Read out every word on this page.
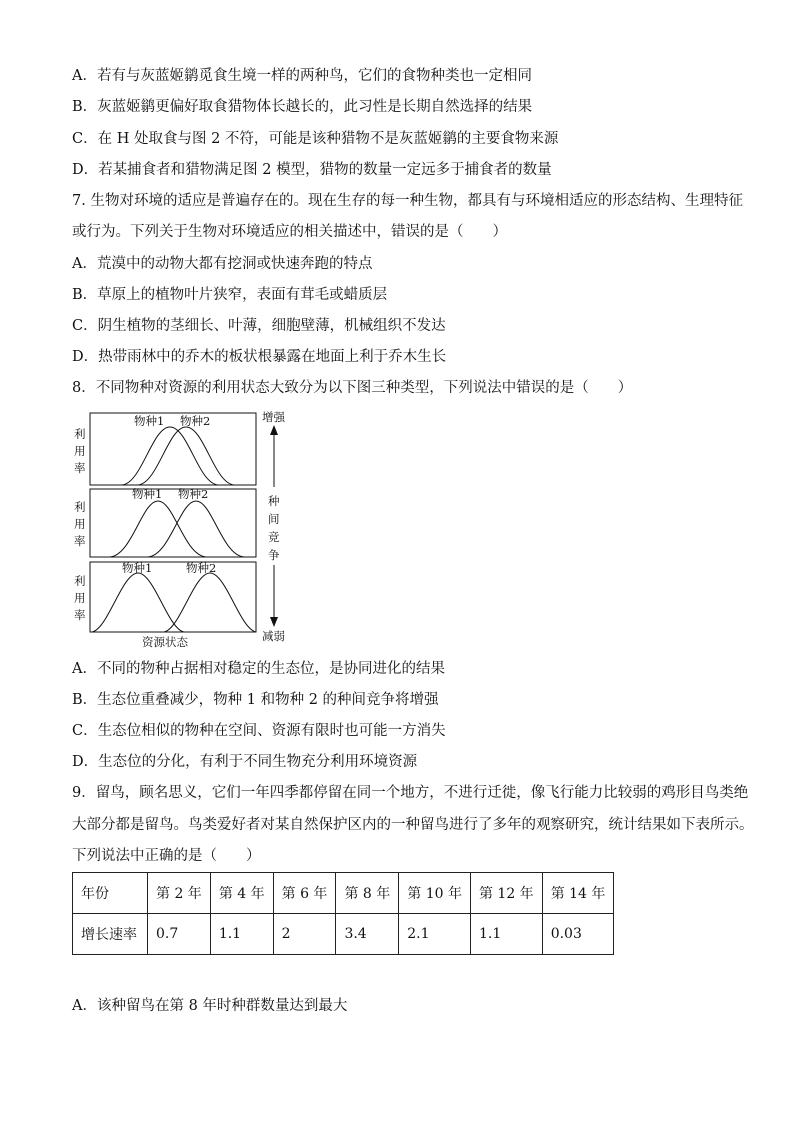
A．若有与灰蓝姬鹟觅食生境一样的两种鸟，它们的食物种类也一定相同
B．灰蓝姬鹟更偏好取食猎物体长越长的，此习性是长期自然选择的结果
C．在 H 处取食与图 2 不符，可能是该种猎物不是灰蓝姬鹟的主要食物来源
D．若某捕食者和猎物满足图 2 模型，猎物的数量一定远多于捕食者的数量
7. 生物对环境的适应是普遍存在的。现在生存的每一种生物，都具有与环境相适应的形态结构、生理特征
或行为。下列关于生物对环境适应的相关描述中，错误的是（　　）
A．荒漠中的动物大都有挖洞或快速奔跑的特点
B．草原上的植物叶片狭窄，表面有茸毛或蜡质层
C．阴生植物的茎细长、叶薄，细胞壁薄，机械组织不发达
D．热带雨林中的乔木的板状根暴露在地面上利于乔木生长
8．不同物种对资源的利用状态大致分为以下图三种类型，下列说法中错误的是（　　）
利
用
率
利
用
率
利
用
率
物种1 物种2
物种1 物种2
物种1	物种2
资源状态
增强
种
间
竞
争
减弱
A．不同的物种占据相对稳定的生态位，是协同进化的结果
B．生态位重叠减少，物种 1 和物种 2 的种间竞争将增强
C．生态位相似的物种在空间、资源有限时也可能一方消失
D．生态位的分化，有利于不同生物充分利用环境资源
9．留鸟，顾名思义，它们一年四季都停留在同一个地方，不进行迁徙，像飞行能力比较弱的鸡形目鸟类绝
大部分都是留鸟。鸟类爱好者对某自然保护区内的一种留鸟进行了多年的观察研究，统计结果如下表所示。
下列说法中正确的是（　　）
年份	第 2 年	第 4 年	第 6 年	第 8 年	第 10 年	第 12 年	第 14 年
增长速率	0.7	1.1	2	3.4	2.1	1.1	0.03
A．该种留鸟在第 8 年时种群数量达到最大
